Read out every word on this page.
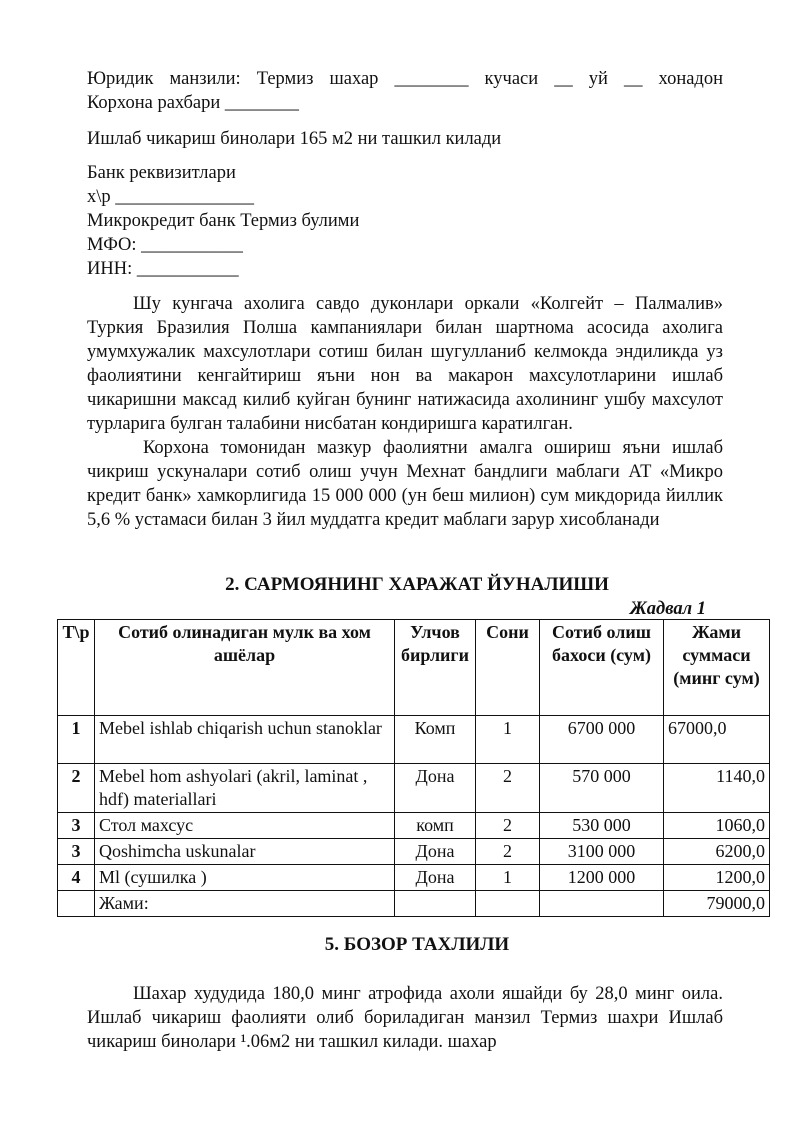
Юридик манзили: Термиз шахар ________ кучаси __ уй __ хонадон
Корхона рахбари ________
Ишлаб чикариш бинолари 165 м2 ни ташкил килади
Банк реквизитлари
х\р _______________
Микрокредит банк Термиз булими
МФО: ___________
ИНН: ___________

Шу кунгача ахолига савдо дуконлари оркали «Колгейт – Палмалив» Туркия Бразилия Полша кампаниялари билан шартнома асосида ахолига умумхужалик махсулотлари сотиш билан шугулланиб келмокда эндиликда уз фаолиятини кенгайтириш яъни нон ва макарон махсулотларини ишлаб чикаришни максад килиб куйган бунинг натижасида ахолининг ушбу махсулот турларига булган талабини нисбатан кондиришга каратилган.

Корхона томонидан мазкур фаолиятни амалга ошириш яъни ишлаб чикриш ускуналари сотиб олиш учун Мехнат бандлиги маблаги АТ «Микро кредит банк» хамкорлигида 15 000 000 (ун беш милион) сум микдорида йиллик 5,6 % устамаси билан 3 йил муддатга кредит маблаги зарур хисобланади

2. САРМОЯНИНГ ХАРАЖАТ ЙУНАЛИШИ
Жадвал 1
Т\р	Сотиб олинадиган мулк ва хом ашёлар	Улчов бирлиги	Сони	Сотиб олиш бахоси (сум)	Жами суммаси (минг сум)
1	Mebel ishlab chiqarish uchun stanoklar	Комп	1	6700 000	67000,0
2	Mebel hom ashyolari (akril, laminat , hdf) materiallari	Дона	2	570 000	1140,0
3	Стол махсус	комп	2	530 000	1060,0
3	Qoshimcha uskunalar	Дона	2	3100 000	6200,0
4	Ml (сушилка )	Дона	1	1200 000	1200,0
	Жами:				79000,0
5. БОЗОР ТАХЛИЛИ

Шахар худудида 180,0 минг атрофида ахоли яшайди бу 28,0 минг оила. Ишлаб чикариш фаолияти олиб бориладиган манзил Термиз шахри Ишлаб чикариш бинолари ¹.06м2 ни ташкил килади. шахар
